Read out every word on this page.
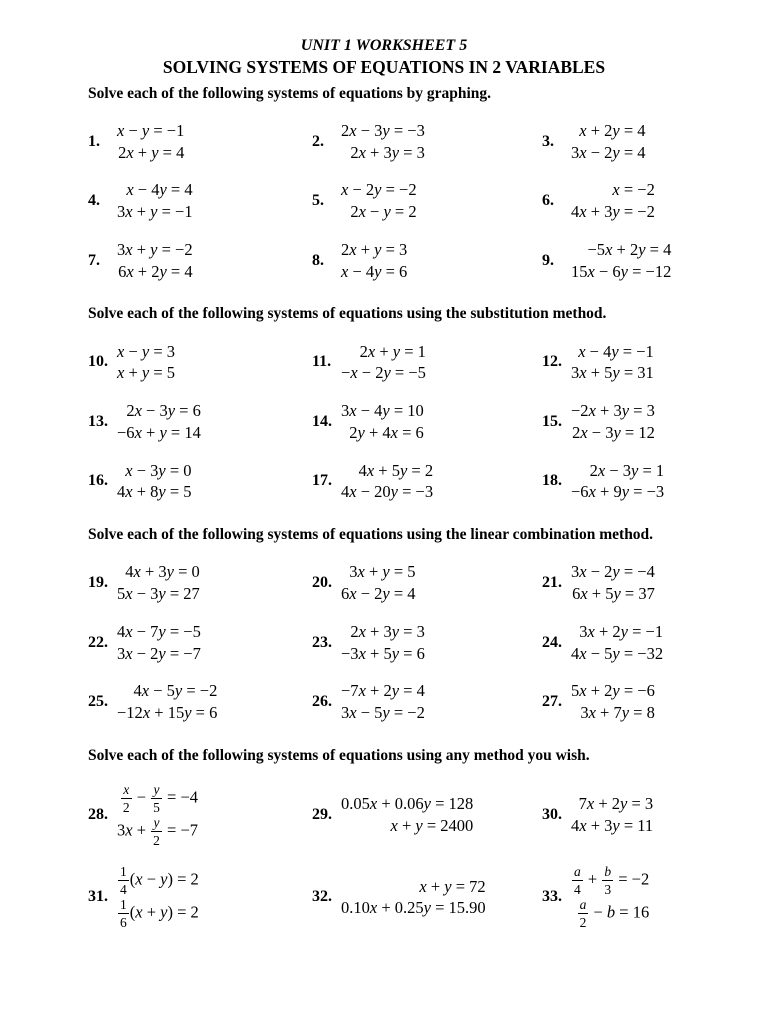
UNIT 1 WORKSHEET 5
SOLVING SYSTEMS OF EQUATIONS IN 2 VARIABLES

Solve each of the following systems of equations by graphing.

1.
x − y = −1
2x + y = 4
2.
2x − 3y = −3
2x + 3y = 3
3.
x + 2y = 4
3x − 2y = 4
4.
x − 4y = 4
3x + y = −1
5.
x − 2y = −2
2x − y = 2
6.
x = −2
4x + 3y = −2
7.
3x + y = −2
6x + 2y = 4
8.
2x + y = 3
x − 4y = 6
9.
−5x + 2y = 4
15x − 6y = −12

Solve each of the following systems of equations using the substitution method.

10.
x − y = 3
x + y = 5
11.
2x + y = 1
−x − 2y = −5
12.
x − 4y = −1
3x + 5y = 31
13.
2x − 3y = 6
−6x + y = 14
14.
3x − 4y = 10
2y + 4x = 6
15.
−2x + 3y = 3
2x − 3y = 12
16.
x − 3y = 0
4x + 8y = 5
17.
4x + 5y = 2
4x − 20y = −3
18.
2x − 3y = 1
−6x + 9y = −3

Solve each of the following systems of equations using the linear combination method.

19.
4x + 3y = 0
5x − 3y = 27
20.
3x + y = 5
6x − 2y = 4
21.
3x − 2y = −4
6x + 5y = 37
22.
4x − 7y = −5
3x − 2y = −7
23.
2x + 3y = 3
−3x + 5y = 6
24.
3x + 2y = −1
4x − 5y = −32
25.
4x − 5y = −2
−12x + 15y = 6
26.
−7x + 2y = 4
3x − 5y = −2
27.
5x + 2y = −6
3x + 7y = 8

Solve each of the following systems of equations using any method you wish.

28. $\frac{x}{2} - \frac{y}{5} = -4$
$3x + \frac{y}{2} = -7$
29.
0.05x + 0.06y = 128
x + y = 2400
30.
7x + 2y = 3
4x + 3y = 11
31. $\frac{1}{4} (x - y) = 2$
$\frac{1}{6} (x + y) = 2$
32.
x + y = 72
0.10x + 0.25y = 15.90
33. $\frac{a}{4} + \frac{b}{3} = -2$
$\frac{a}{2} - b = 16$
